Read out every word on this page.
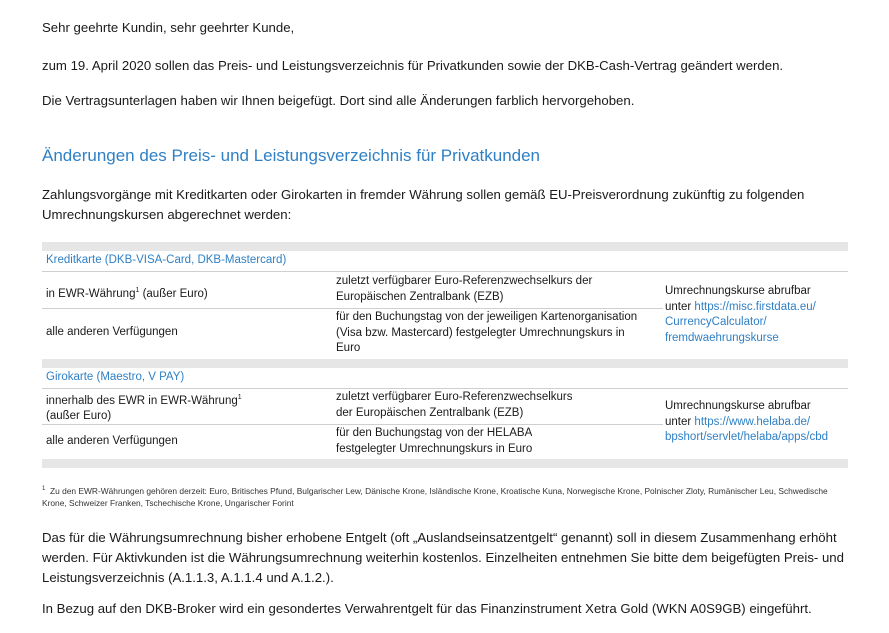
Sehr geehrte Kundin, sehr geehrter Kunde,
zum 19. April 2020 sollen das Preis- und Leistungsverzeichnis für Privatkunden sowie der DKB-Cash-Vertrag geändert werden.
Die Vertragsunterlagen haben wir Ihnen beigefügt. Dort sind alle Änderungen farblich hervorgehoben.
Änderungen des Preis- und Leistungsverzeichnis für Privatkunden
Zahlungsvorgänge mit Kreditkarten oder Girokarten in fremder Währung sollen gemäß EU-Preisverordnung zukünftig zu folgenden
Umrechnungskursen abgerechnet werden:
Kreditkarte (DKB-VISA-Card, DKB-Mastercard)
in EWR-Währung$^1$ (außer Euro)
zuletzt verfügbarer Euro-Referenzwechselkurs der
Europäischen Zentralbank (EZB)
alle anderen Verfügungen
für den Buchungstag von der jeweiligen Kartenorganisation
(Visa bzw. Mastercard) festgelegter Umrechnungskurs in
Euro
Umrechnungskurse abrufbar
unter https://misc.firstdata.eu/
CurrencyCalculator/
fremdwaehrungskurse
Girokarte (Maestro, V PAY)
innerhalb des EWR in EWR-Währung$^1$
(außer Euro)
zuletzt verfügbarer Euro-Referenzwechselkurs
der Europäischen Zentralbank (EZB)
alle anderen Verfügungen
für den Buchungstag von der HELABA
festgelegter Umrechnungskurs in Euro
Umrechnungskurse abrufbar
unter https://www.helaba.de/
bpshort/servlet/helaba/apps/cbd
$^1$ Zu den EWR-Währungen gehören derzeit: Euro, Britisches Pfund, Bulgarischer Lew, Dänische Krone, Isländische Krone, Kroatische Kuna, Norwegische Krone, Polnischer Zloty, Rumänischer Leu, Schwedische Krone, Schweizer Franken, Tschechische Krone, Ungarischer Forint
Das für die Währungsumrechnung bisher erhobene Entgelt (oft „Auslandseinsatzentgelt“ genannt) soll in diesem Zusammenhang erhöht
werden. Für Aktivkunden ist die Währungsumrechnung weiterhin kostenlos. Einzelheiten entnehmen Sie bitte dem beigefügten Preis- und
Leistungsverzeichnis (A.1.1.3, A.1.1.4 und A.1.2.).
In Bezug auf den DKB-Broker wird ein gesondertes Verwahrentgelt für das Finanzinstrument Xetra Gold (WKN A0S9GB) eingeführt.
